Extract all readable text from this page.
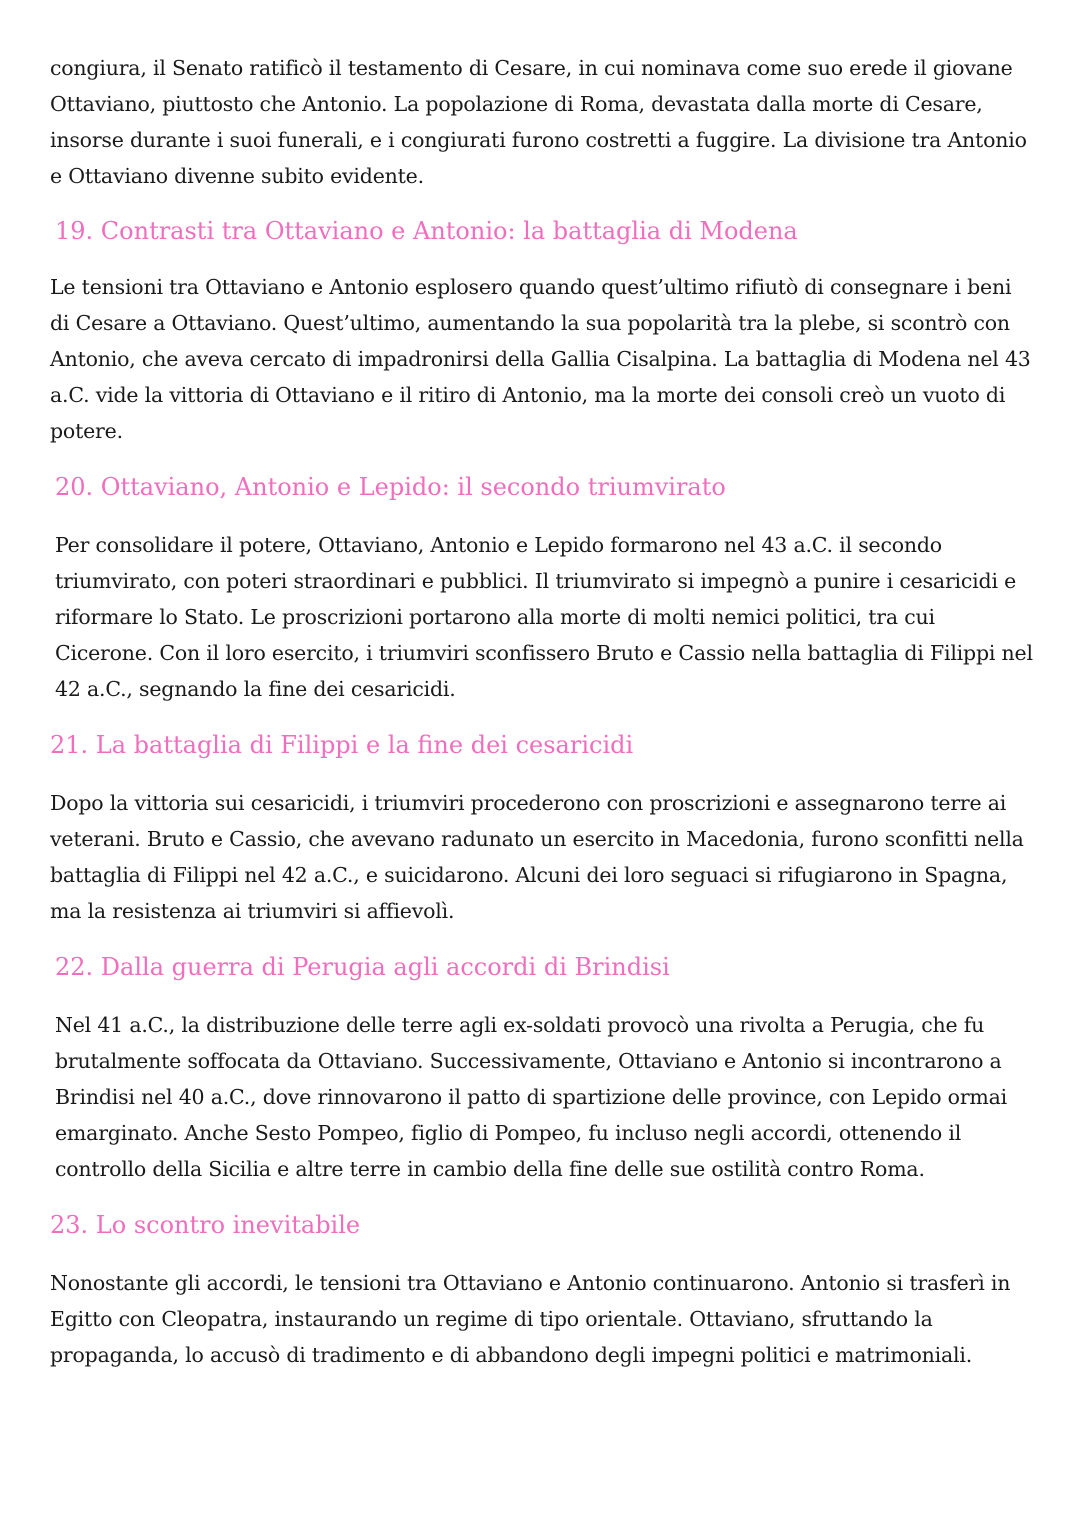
congiura, il Senato ratificò il testamento di Cesare, in cui nominava come suo erede il giovane Ottaviano, piuttosto che Antonio. La popolazione di Roma, devastata dalla morte di Cesare, insorse durante i suoi funerali, e i congiurati furono costretti a fuggire. La divisione tra Antonio e Ottaviano divenne subito evidente.

19. Contrasti tra Ottaviano e Antonio: la battaglia di Modena

Le tensioni tra Ottaviano e Antonio esplosero quando quest’ultimo rifiutò di consegnare i beni di Cesare a Ottaviano. Quest’ultimo, aumentando la sua popolarità tra la plebe, si scontrò con Antonio, che aveva cercato di impadronirsi della Gallia Cisalpina. La battaglia di Modena nel 43 a.C. vide la vittoria di Ottaviano e il ritiro di Antonio, ma la morte dei consoli creò un vuoto di potere.

20. Ottaviano, Antonio e Lepido: il secondo triumvirato

Per consolidare il potere, Ottaviano, Antonio e Lepido formarono nel 43 a.C. il secondo triumvirato, con poteri straordinari e pubblici. Il triumvirato si impegnò a punire i cesaricidi e riformare lo Stato. Le proscrizioni portarono alla morte di molti nemici politici, tra cui Cicerone. Con il loro esercito, i triumviri sconfissero Bruto e Cassio nella battaglia di Filippi nel 42 a.C., segnando la fine dei cesaricidi.

21. La battaglia di Filippi e la fine dei cesaricidi

Dopo la vittoria sui cesaricidi, i triumviri procederono con proscrizioni e assegnarono terre ai veterani. Bruto e Cassio, che avevano radunato un esercito in Macedonia, furono sconfitti nella battaglia di Filippi nel 42 a.C., e suicidarono. Alcuni dei loro seguaci si rifugiarono in Spagna, ma la resistenza ai triumviri si affievolì.

22. Dalla guerra di Perugia agli accordi di Brindisi

Nel 41 a.C., la distribuzione delle terre agli ex-soldati provocò una rivolta a Perugia, che fu brutalmente soffocata da Ottaviano. Successivamente, Ottaviano e Antonio si incontrarono a Brindisi nel 40 a.C., dove rinnovarono il patto di spartizione delle province, con Lepido ormai emarginato. Anche Sesto Pompeo, figlio di Pompeo, fu incluso negli accordi, ottenendo il controllo della Sicilia e altre terre in cambio della fine delle sue ostilità contro Roma.

23. Lo scontro inevitabile

Nonostante gli accordi, le tensioni tra Ottaviano e Antonio continuarono. Antonio si trasferì in Egitto con Cleopatra, instaurando un regime di tipo orientale. Ottaviano, sfruttando la propaganda, lo accusò di tradimento e di abbandono degli impegni politici e matrimoniali.
